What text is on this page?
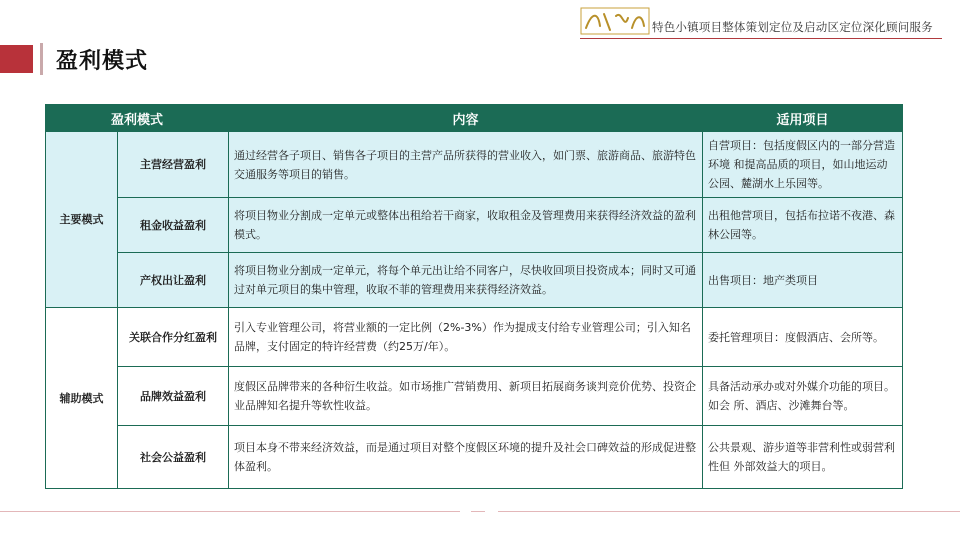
特色小镇项目整体策划定位及启动区定位深化顾问服务
盈利模式
盈利模式		内容	适用项目
主要模式	主营经营盈利	通过经营各子项目、销售各子项目的主营产品所获得的营业收入，如门票、旅游商品、旅游特色交通服务等项目的销售。	自营项目：包括度假区内的一部分营造环境 和提高品质的项目，如山地运动公园、麓湖水上乐园等。
	租金收益盈利	将项目物业分割成一定单元或整体出租给若干商家，收取租金及管理费用来获得经济效益的盈利模式。	出租他营项目，包括布拉诺不夜港、森林公园等。
	产权出让盈利	将项目物业分割成一定单元，将每个单元出让给不同客户，尽快收回项目投资成本；同时又可通过对单元项目的集中管理，收取不菲的管理费用来获得经济效益。	出售项目：地产类项目
辅助模式	关联合作分红盈利	引入专业管理公司，将营业额的一定比例（2%-3%）作为提成支付给专业管理公司；引入知名品牌，支付固定的特许经营费（约25万/年）。	委托管理项目：度假酒店、会所等。
	品牌效益盈利	度假区品牌带来的各种衍生收益。如市场推广营销费用、新项目拓展商务谈判竞价优势、投资企业品牌知名提升等软性收益。	具备活动承办或对外媒介功能的项目。如会 所、酒店、沙滩舞台等。
	社会公益盈利	项目本身不带来经济效益，而是通过项目对整个度假区环境的提升及社会口碑效益的形成促进整体盈利。	公共景观、游步道等非营利性或弱营利性但 外部效益大的项目。
